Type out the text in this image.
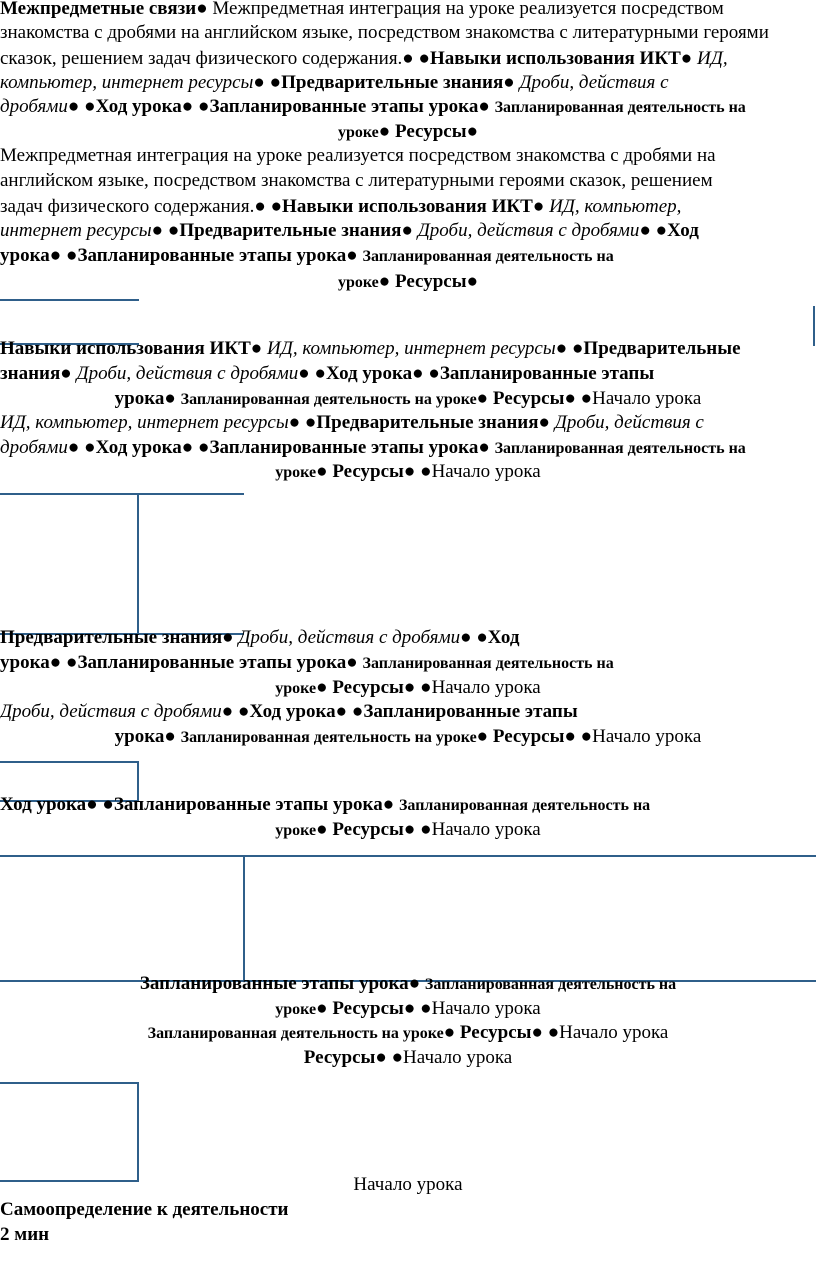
Межпредметные связи● Межпредметная интеграция на уроке реализуется посредством
знакомства с дробями на английском языке, посредством знакомства с литературными героями
сказок, решением задач физического содержания.● ●Навыки использования ИКТ● ИД,
компьютер, интернет ресурсы● ●Предварительные знания● Дроби, действия с
дробями● ●Ход урока● ●Запланированные этапы урока● Запланированная деятельность на
уроке● Ресурсы●
Межпредметная интеграция на уроке реализуется посредством знакомства с дробями на
английском языке, посредством знакомства с литературными героями сказок, решением
задач физического содержания.● ●Навыки использования ИКТ● ИД, компьютер,
интернет ресурсы● ●Предварительные знания● Дроби, действия с дробями● ●Ход
урока● ●Запланированные этапы урока● Запланированная деятельность на
уроке● Ресурсы●
Навыки использования ИКТ● ИД, компьютер, интернет ресурсы● ●Предварительные
знания● Дроби, действия с дробями● ●Ход урока● ●Запланированные этапы
урока● Запланированная деятельность на уроке● Ресурсы● ●Начало урока
ИД, компьютер, интернет ресурсы● ●Предварительные знания● Дроби, действия с
дробями● ●Ход урока● ●Запланированные этапы урока● Запланированная деятельность на
уроке● Ресурсы● ●Начало урока
Предварительные знания● Дроби, действия с дробями● ●Ход
урока● ●Запланированные этапы урока● Запланированная деятельность на
уроке● Ресурсы● ●Начало урока
Дроби, действия с дробями● ●Ход урока● ●Запланированные этапы
урока● Запланированная деятельность на уроке● Ресурсы● ●Начало урока
Ход урока● ●Запланированные этапы урока● Запланированная деятельность на
уроке● Ресурсы● ●Начало урока
Запланированные этапы урока● Запланированная деятельность на
уроке● Ресурсы● ●Начало урока
Запланированная деятельность на уроке● Ресурсы● ●Начало урока
Ресурсы● ●Начало урока
Начало урока
Самоопределение к деятельности
2 мин
